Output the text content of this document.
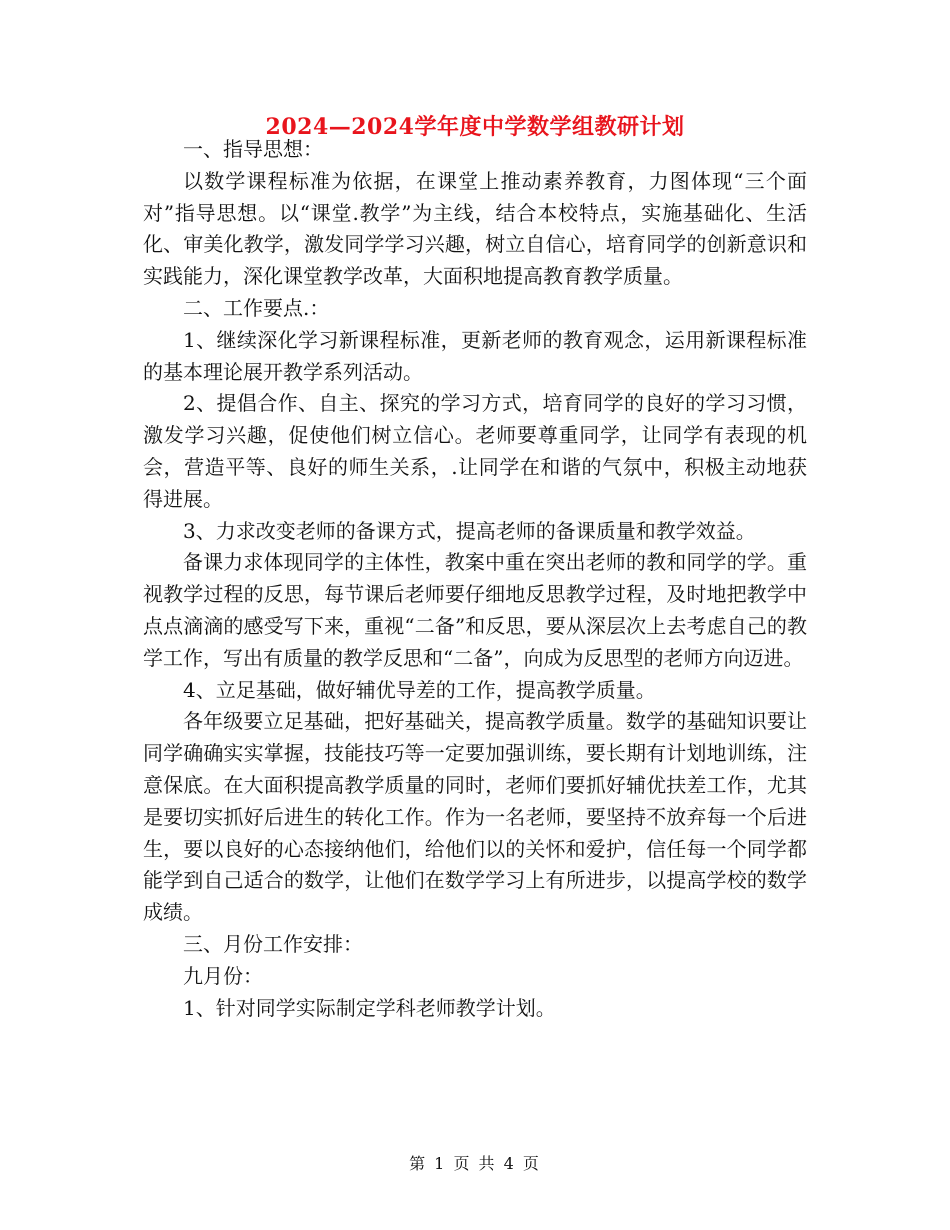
2024—2024学年度中学数学组教研计划

一、指导思想：

以数学课程标准为依据，在课堂上推动素养教育，力图体现“三个面对”指导思想。以“课堂.教学”为主线，结合本校特点，实施基础化、生活化、审美化教学，激发同学学习兴趣，树立自信心，培育同学的创新意识和实践能力，深化课堂教学改革，大面积地提高教育教学质量。

二、工作要点.：

1、继续深化学习新课程标准，更新老师的教育观念，运用新课程标准的基本理论展开教学系列活动。

2、提倡合作、自主、探究的学习方式，培育同学的良好的学习习惯，激发学习兴趣，促使他们树立信心。老师要尊重同学，让同学有表现的机会，营造平等、良好的师生关系，.让同学在和谐的气氛中，积极主动地获得进展。

3、力求改变老师的备课方式，提高老师的备课质量和教学效益。

备课力求体现同学的主体性，教案中重在突出老师的教和同学的学。重视教学过程的反思，每节课后老师要仔细地反思教学过程，及时地把教学中点点滴滴的感受写下来，重视“二备”和反思，要从深层次上去考虑自己的教学工作，写出有质量的教学反思和“二备”，向成为反思型的老师方向迈进。

4、立足基础，做好辅优导差的工作，提高教学质量。

各年级要立足基础，把好基础关，提高教学质量。数学的基础知识要让同学确确实实掌握，技能技巧等一定要加强训练，要长期有计划地训练，注意保底。在大面积提高教学质量的同时，老师们要抓好辅优扶差工作，尤其是要切实抓好后进生的转化工作。作为一名老师，要坚持不放弃每一个后进生，要以良好的心态接纳他们，给他们以的关怀和爱护，信任每一个同学都能学到自己适合的数学，让他们在数学学习上有所进步，以提高学校的数学成绩。

三、月份工作安排：

九月份：

1、针对同学实际制定学科老师教学计划。

第 1 页 共 4 页
